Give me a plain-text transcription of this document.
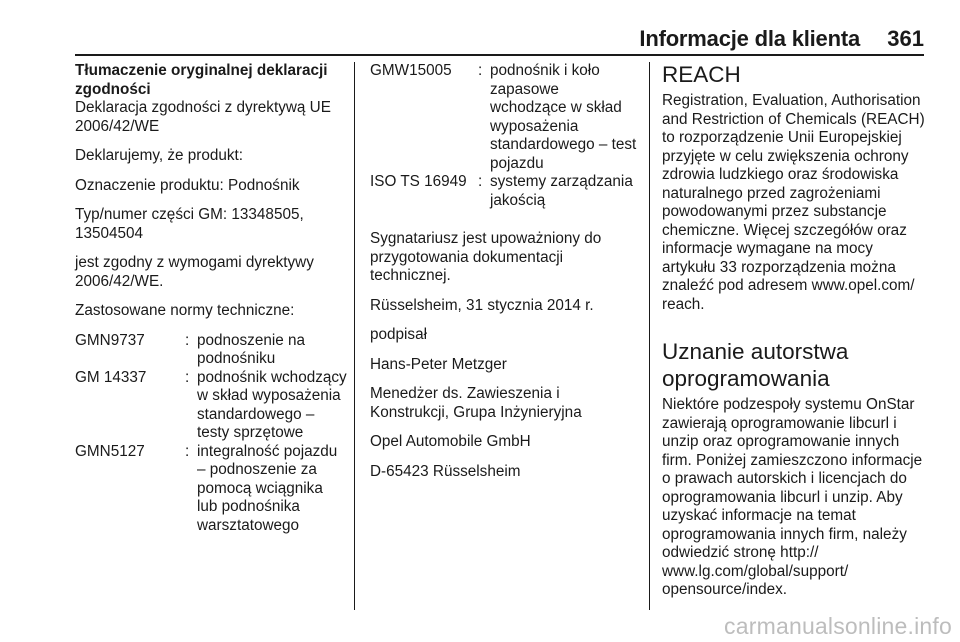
Informacje dla klienta 361

Tłumaczenie oryginalnej deklaracji zgodności

Deklaracja zgodności z dyrektywą UE 2006/42/WE

Deklarujemy, że produkt:

Oznaczenie produktu: Podnośnik

Typ/numer części GM: 13348505, 13504504

jest zgodny z wymogami dyrektywy 2006/42/WE.

Zastosowane normy techniczne:

GMN9737	: podnoszenie na podnośniku
GM 14337	: podnośnik wchodzący w skład wyposażenia standardowego – testy sprzętowe
GMN5127	: integralność pojazdu – podnoszenie za pomocą wciągnika lub podnośnika warsztatowego
GMW15005	: podnośnik i koło zapasowe wchodzące w skład wyposażenia standardowego – test pojazdu
ISO TS 16949 : systemy zarządzania jakością

Sygnatariusz jest upoważniony do przygotowania dokumentacji technicznej.

Rüsselsheim, 31 stycznia 2014 r.

podpisał

Hans-Peter Metzger

Menedżer ds. Zawieszenia i Konstrukcji, Grupa Inżynieryjna

Opel Automobile GmbH

D-65423 Rüsselsheim

REACH

Registration, Evaluation, Authorisation and Restriction of Chemicals (REACH) to rozporządzenie Unii Europejskiej przyjęte w celu zwiększenia ochrony zdrowia ludzkiego oraz środowiska naturalnego przed zagrożeniami powodowanymi przez substancje chemiczne. Więcej szczegółów oraz informacje wymagane na mocy artykułu 33 rozporządzenia można znaleźć pod adresem www.opel.com/ reach.

Uznanie autorstwa oprogramowania

Niektóre podzespoły systemu OnStar zawierają oprogramowanie libcurl i unzip oraz oprogramowanie innych firm. Poniżej zamieszczono informacje o prawach autorskich i licencjach do oprogramowania libcurl i unzip. Aby uzyskać informacje na temat oprogramowania innych firm, należy odwiedzić stronę http:// www.lg.com/global/support/ opensource/index.

carmanualsonline.info
